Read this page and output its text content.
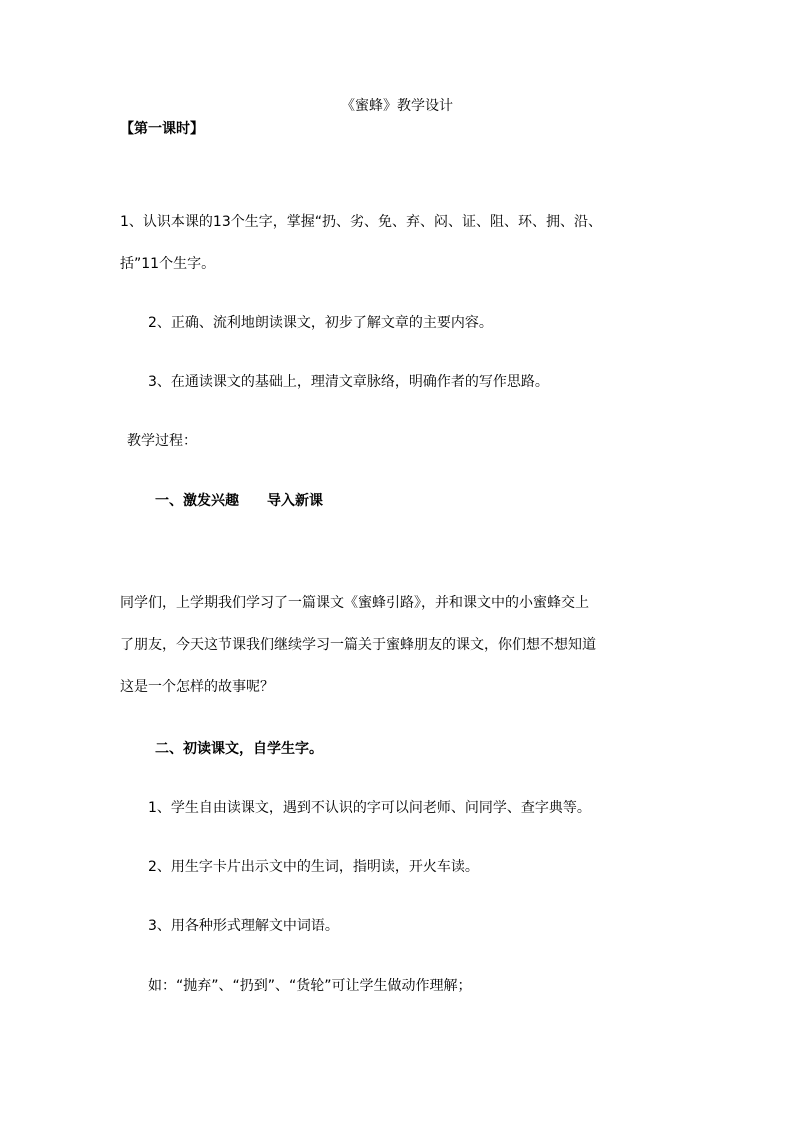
《蜜蜂》教学设计
【第一课时】
1、认识本课的13个生字，掌握“扔、劣、免、弃、闷、证、阻、环、拥、沿、
括”11个生字。
2、正确、流利地朗读课文，初步了解文章的主要内容。
3、在通读课文的基础上，理清文章脉络，明确作者的写作思路。
教学过程：
一、激发兴趣 导入新课
同学们，上学期我们学习了一篇课文《蜜蜂引路》，并和课文中的小蜜蜂交上
了朋友，今天这节课我们继续学习一篇关于蜜蜂朋友的课文，你们想不想知道
这是一个怎样的故事呢？
二、初读课文，自学生字。
1、学生自由读课文，遇到不认识的字可以问老师、问同学、查字典等。
2、用生字卡片出示文中的生词，指明读，开火车读。
3、用各种形式理解文中词语。
如：“抛弃”、“扔到”、“货轮”可让学生做动作理解；
